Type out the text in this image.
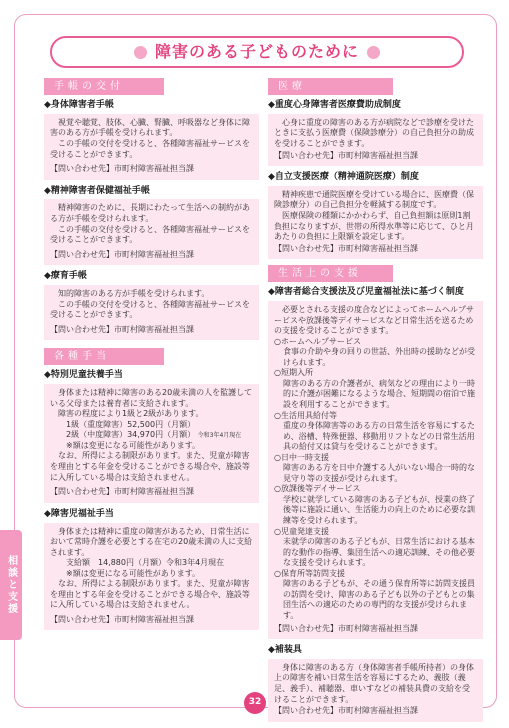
障害のある子どものために
手帳の交付
◆身体障害者手帳

視覚や聴覚、肢体、心臓、腎臓、呼吸器など身体に障害のある方が手帳を受けられます。

この手帳の交付を受けると、各種障害福祉サービスを受けることができます。

【問い合わせ先】市町村障害福祉担当課

◆精神障害者保健福祉手帳

精神障害のために、長期にわたって生活への制約がある方が手帳を受けられます。

この手帳の交付を受けると、各種障害福祉サービスを受けることができます。

【問い合わせ先】市町村障害福祉担当課

◆療育手帳

知的障害のある方が手帳を受けられます。

この手帳の交付を受けると、各種障害福祉サービスを受けることができます。

【問い合わせ先】市町村障害福祉担当課

各種手当
◆特別児童扶養手当

身体または精神に障害のある20歳未満の人を監護している父母または養育者に支給されます。

障害の程度により1級と2級があります。

1級（重度障害）52,500円（月額）

2級（中度障害）34,970円（月額） 令和3年4月現在

※額は変更になる可能性があります。

なお、所得による制限があります。また、児童が障害を理由とする年金を受けることができる場合や、施設等に入所している場合は支給されません。

【問い合わせ先】市町村障害福祉担当課

◆障害児福祉手当

身体または精神に重度の障害があるため、日常生活において常時介護を必要とする在宅の20歳未満の人に支給されます。

支給額　14,880円（月額）令和3年4月現在

※額は変更になる可能性があります。

なお、所得による制限があります。また、児童が障害を理由とする年金を受けることができる場合や、施設等に入所している場合は支給されません。

【問い合わせ先】市町村障害福祉担当課

医療
◆重度心身障害者医療費助成制度

心身に重度の障害のある方が病院などで診療を受けたときに支払う医療費（保険診療分）の自己負担分の助成を受けることができます。

【問い合わせ先】市町村障害福祉担当課

◆自立支援医療（精神通院医療）制度

精神疾患で通院医療を受けている場合に、医療費（保険診療分）の自己負担分を軽減する制度です。

医療保険の種類にかかわらず、自己負担額は原則1割負担になりますが、世帯の所得水準等に応じて、ひと月あたりの負担に上限額を設定します。

【問い合わせ先】市町村障害福祉担当課

生活上の支援
◆障害者総合支援法及び児童福祉法に基づく制度

必要とされる支援の度合などによってホームヘルプサービスや放課後等デイサービスなど日常生活を送るための支援を受けることができます。

○ホームヘルプサービス

食事の介助や身の回りの世話、外出時の援助などが受けられます。

○短期入所

障害のある方の介護者が、病気などの理由により一時的に介護が困難になるような場合、短期間の宿泊で施設を利用することができます。

○生活用具給付等

重度の身体障害等のある方の日常生活を容易にするため、浴槽、特殊便器、移動用リフトなどの日常生活用具の給付又は貸与を受けることができます。

○日中一時支援

障害のある方を日中介護する人がいない場合一時的な見守り等の支援が受けられます。

○放課後等デイサービス

学校に就学している障害のある子どもが、授業の終了後等に施設に通い、生活能力の向上のために必要な訓練等を受けられます。

○児童発達支援

未就学の障害のある子どもが、日常生活における基本的な動作の指導、集団生活への適応訓練、その他必要な支援を受けられます。

○保育所等訪問支援

障害のある子どもが、その通う保育所等に訪問支援員の訪問を受け、障害のある子ども以外の子どもとの集団生活への適応のための専門的な支援が受けられます。

【問い合わせ先】市町村障害福祉担当課

◆補装具

身体に障害のある方（身体障害者手帳所持者）の身体上の障害を補い日常生活を容易にするため、義肢（義足、義手）、補聴器、車いすなどの補装具費の支給を受けることができます。

【問い合わせ先】市町村障害福祉担当課

相談と支援
32
